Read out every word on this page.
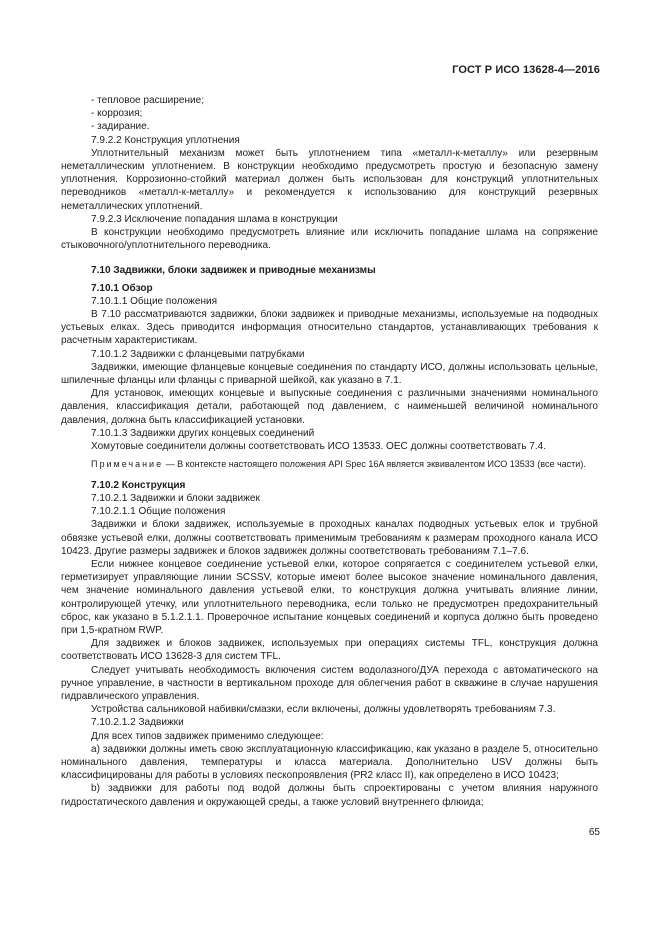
ГОСТ Р ИСО 13628-4—2016
- тепловое расширение;
- коррозия;
- задирание.
7.9.2.2 Конструкция уплотнения
Уплотнительный механизм может быть уплотнением типа «металл-к-металлу» или резервным неметаллическим уплотнением. В конструкции необходимо предусмотреть простую и безопасную замену уплотнения. Коррозионно-стойкий материал должен быть использован для конструкций уплотнительных переводников «металл-к-металлу» и рекомендуется к использованию для конструкций резервных неметаллических уплотнений.
7.9.2.3 Исключение попадания шлама в конструкции
В конструкции необходимо предусмотреть влияние или исключить попадание шлама на сопряжение стыковочного/уплотнительного переводника.
7.10 Задвижки, блоки задвижек и приводные механизмы
7.10.1 Обзор
7.10.1.1 Общие положения
В 7.10 рассматриваются задвижки, блоки задвижек и приводные механизмы, используемые на подводных устьевых елках. Здесь приводится информация относительно стандартов, устанавливающих требования к расчетным характеристикам.
7.10.1.2 Задвижки с фланцевыми патрубками
Задвижки, имеющие фланцевые концевые соединения по стандарту ИСО, должны использовать цельные, шпилечные фланцы или фланцы с приварной шейкой, как указано в 7.1.
Для установок, имеющих концевые и выпускные соединения с различными значениями номинального давления, классификация детали, работающей под давлением, с наименьшей величиной номинального давления, должна быть классификацией установки.
7.10.1.3 Задвижки других концевых соединений
Хомутовые соединители должны соответствовать ИСО 13533. ОЕС должны соответствовать 7.4.
Примечание — В контексте настоящего положения API Spec 16A является эквивалентом ИСО 13533 (все части).
7.10.2 Конструкция
7.10.2.1 Задвижки и блоки задвижек
7.10.2.1.1 Общие положения
Задвижки и блоки задвижек, используемые в проходных каналах подводных устьевых елок и трубной обвязке устьевой елки, должны соответствовать применимым требованиям к размерам проходного канала ИСО 10423. Другие размеры задвижек и блоков задвижек должны соответствовать требованиям 7.1–7.6.
Если нижнее концевое соединение устьевой елки, которое сопрягается с соединителем устьевой елки, герметизирует управляющие линии SCSSV, которые имеют более высокое значение номинального давления, чем значение номинального давления устьевой елки, то конструкция должна учитывать влияние линии, контролирующей утечку, или уплотнительного переводника, если только не предусмотрен предохранительный сброс, как указано в 5.1.2.1.1. Проверочное испытание концевых соединений и корпуса должно быть проведено при 1,5-кратном RWP.
Для задвижек и блоков задвижек, используемых при операциях системы TFL, конструкция должна соответствовать ИСО 13628-3 для систем TFL.
Следует учитывать необходимость включения систем водолазного/ДУА перехода с автоматического на ручное управление, в частности в вертикальном проходе для облегчения работ в скважине в случае нарушения гидравлического управления.
Устройства сальниковой набивки/смазки, если включены, должны удовлетворять требованиям 7.3.
7.10.2.1.2 Задвижки
Для всех типов задвижек применимо следующее:
a) задвижки должны иметь свою эксплуатационную классификацию, как указано в разделе 5, относительно номинального давления, температуры и класса материала. Дополнительно USV должны быть классифицированы для работы в условиях пескопроявления (PR2 класс II), как определено в ИСО 10423;
b) задвижки для работы под водой должны быть спроектированы с учетом влияния наружного гидростатического давления и окружающей среды, а также условий внутреннего флюида;
65
